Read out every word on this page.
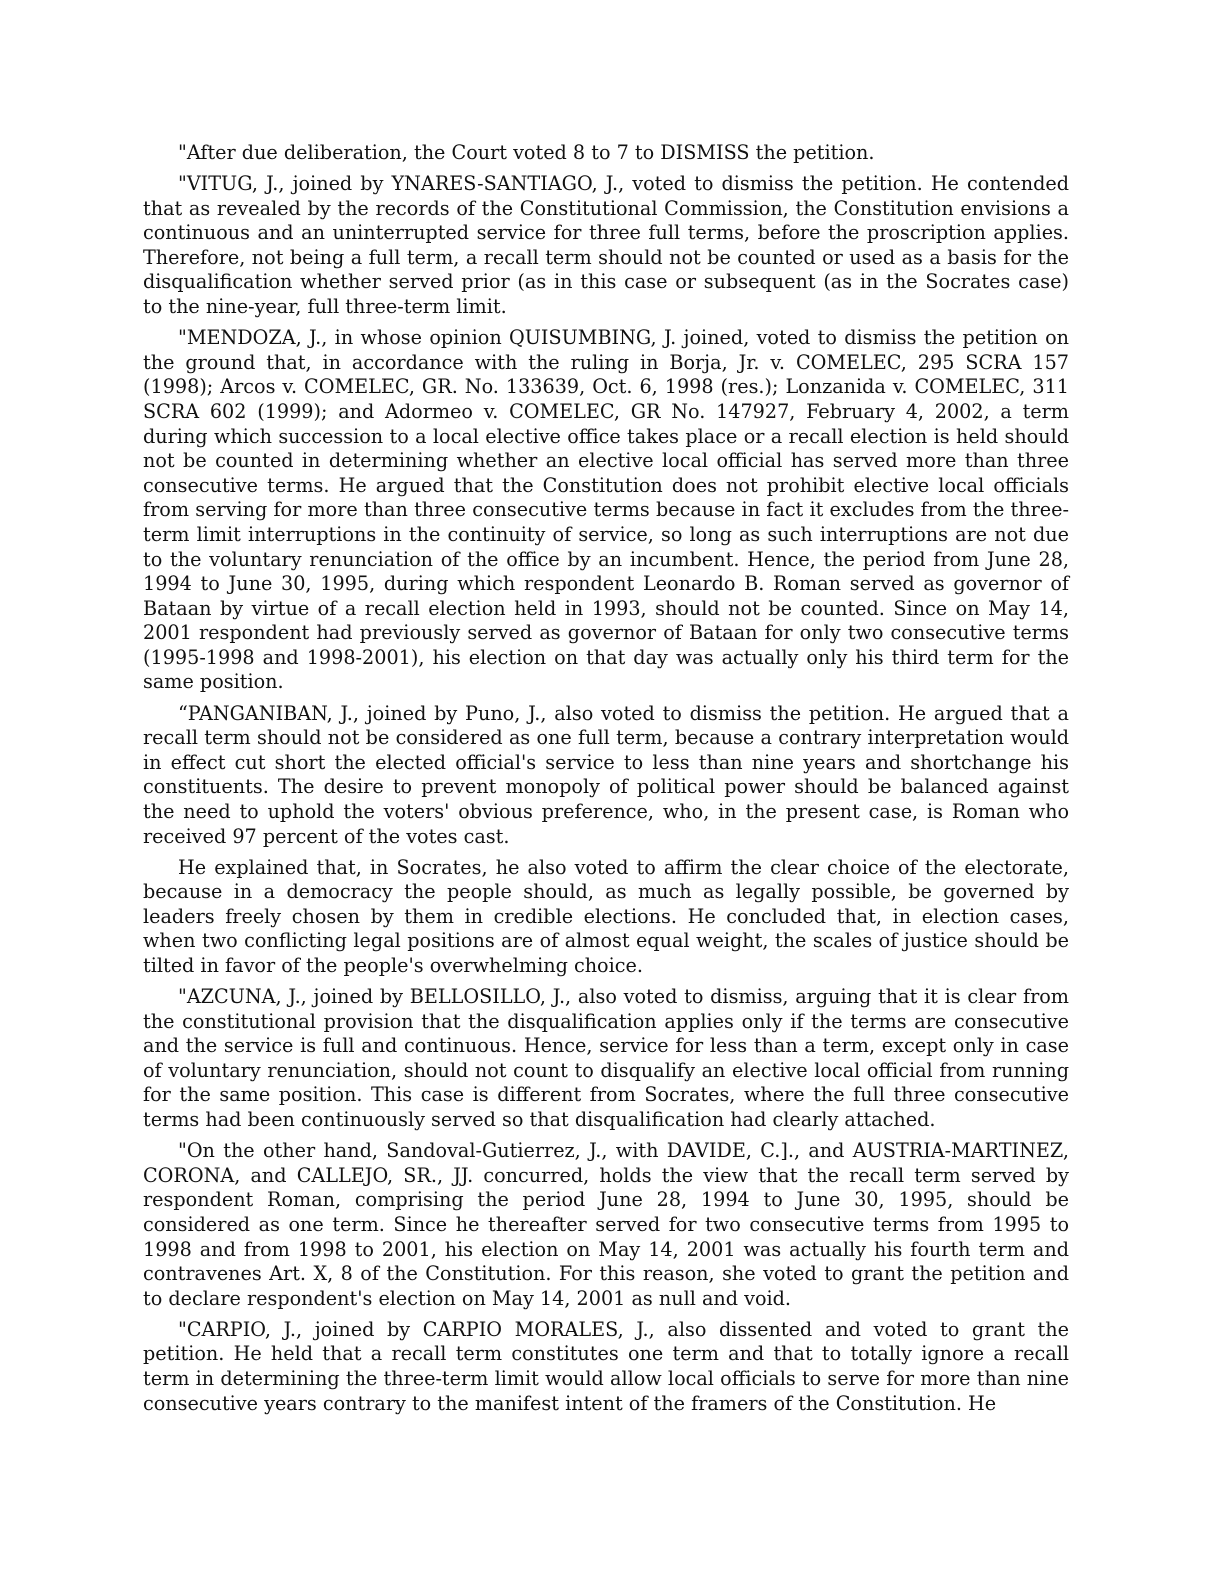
"After due deliberation, the Court voted 8 to 7 to DISMISS the petition.

"VITUG, J., joined by YNARES-SANTIAGO, J., voted to dismiss the petition. He contended that as revealed by the records of the Constitutional Commission, the Constitution envisions a continuous and an uninterrupted service for three full terms, before the proscription applies. Therefore, not being a full term, a recall term should not be counted or used as a basis for the disqualification whether served prior (as in this case or subsequent (as in the Socrates case) to the nine-year, full three-term limit.

"MENDOZA, J., in whose opinion QUISUMBING, J. joined, voted to dismiss the petition on the ground that, in accordance with the ruling in Borja, Jr. v. COMELEC, 295 SCRA 157 (1998); Arcos v. COMELEC, GR. No. 133639, Oct. 6, 1998 (res.); Lonzanida v. COMELEC, 311 SCRA 602 (1999); and Adormeo v. COMELEC, GR No. 147927, February 4, 2002, a term during which succession to a local elective office takes place or a recall election is held should not be counted in determining whether an elective local official has served more than three consecutive terms. He argued that the Constitution does not prohibit elective local officials from serving for more than three consecutive terms because in fact it excludes from the three-term limit interruptions in the continuity of service, so long as such interruptions are not due to the voluntary renunciation of the office by an incumbent. Hence, the period from June 28, 1994 to June 30, 1995, during which respondent Leonardo B. Roman served as governor of Bataan by virtue of a recall election held in 1993, should not be counted. Since on May 14, 2001 respondent had previously served as governor of Bataan for only two consecutive terms (1995-1998 and 1998-2001), his election on that day was actually only his third term for the same position.

“PANGANIBAN, J., joined by Puno, J., also voted to dismiss the petition. He argued that a recall term should not be considered as one full term, because a contrary interpretation would in effect cut short the elected official's service to less than nine years and shortchange his constituents. The desire to prevent monopoly of political power should be balanced against the need to uphold the voters' obvious preference, who, in the present case, is Roman who received 97 percent of the votes cast.

He explained that, in Socrates, he also voted to affirm the clear choice of the electorate, because in a democracy the people should, as much as legally possible, be governed by leaders freely chosen by them in credible elections. He concluded that, in election cases, when two conflicting legal positions are of almost equal weight, the scales of justice should be tilted in favor of the people's overwhelming choice.

"AZCUNA, J., joined by BELLOSILLO, J., also voted to dismiss, arguing that it is clear from the constitutional provision that the disqualification applies only if the terms are consecutive and the service is full and continuous. Hence, service for less than a term, except only in case of voluntary renunciation, should not count to disqualify an elective local official from running for the same position. This case is different from Socrates, where the full three consecutive terms had been continuously served so that disqualification had clearly attached.

"On the other hand, Sandoval-Gutierrez, J., with DAVIDE, C.]., and AUSTRIA-MARTINEZ, CORONA, and CALLEJO, SR., JJ. concurred, holds the view that the recall term served by respondent Roman, comprising the period June 28, 1994 to June 30, 1995, should be considered as one term. Since he thereafter served for two consecutive terms from 1995 to 1998 and from 1998 to 2001, his election on May 14, 2001 was actually his fourth term and contravenes Art. X, 8 of the Constitution. For this reason, she voted to grant the petition and to declare respondent's election on May 14, 2001 as null and void.

"CARPIO, J., joined by CARPIO MORALES, J., also dissented and voted to grant the petition. He held that a recall term constitutes one term and that to totally ignore a recall term in determining the three-term limit would allow local officials to serve for more than nine consecutive years contrary to the manifest intent of the framers of the Constitution. He
